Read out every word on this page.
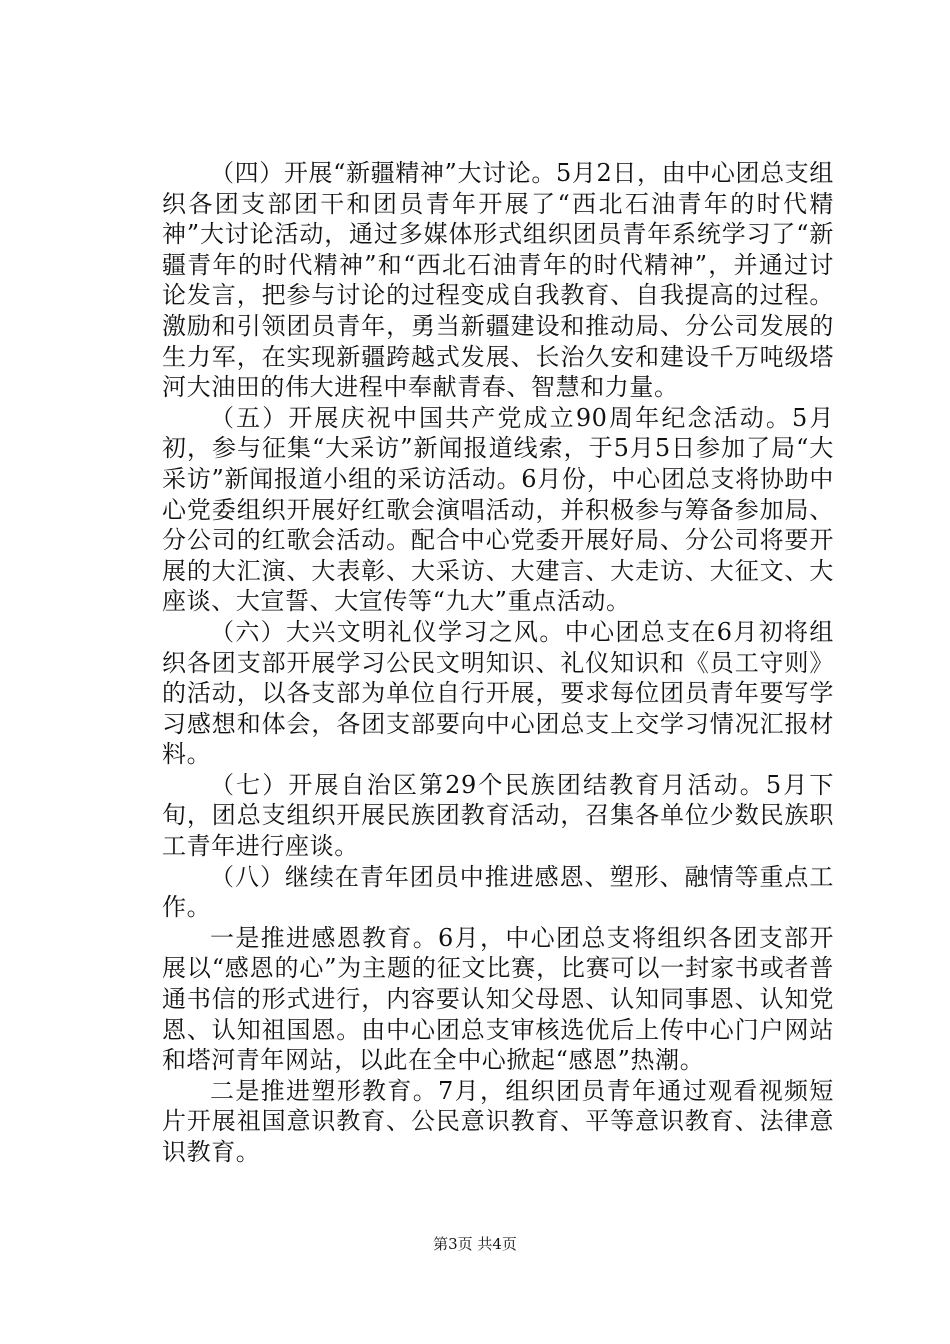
（四）开展“新疆精神”大讨论。5月2日，由中心团总支组织各团支部团干和团员青年开展了“西北石油青年的时代精神”大讨论活动，通过多媒体形式组织团员青年系统学习了“新疆青年的时代精神”和“西北石油青年的时代精神”，并通过讨论发言，把参与讨论的过程变成自我教育、自我提高的过程。激励和引领团员青年，勇当新疆建设和推动局、分公司发展的生力军，在实现新疆跨越式发展、长治久安和建设千万吨级塔河大油田的伟大进程中奉献青春、智慧和力量。

（五）开展庆祝中国共产党成立90周年纪念活动。5月初，参与征集“大采访”新闻报道线索，于5月5日参加了局“大采访”新闻报道小组的采访活动。6月份，中心团总支将协助中心党委组织开展好红歌会演唱活动，并积极参与筹备参加局、分公司的红歌会活动。配合中心党委开展好局、分公司将要开展的大汇演、大表彰、大采访、大建言、大走访、大征文、大座谈、大宣誓、大宣传等“九大”重点活动。

（六）大兴文明礼仪学习之风。中心团总支在6月初将组织各团支部开展学习公民文明知识、礼仪知识和《员工守则》的活动，以各支部为单位自行开展，要求每位团员青年要写学习感想和体会，各团支部要向中心团总支上交学习情况汇报材料。

（七）开展自治区第29个民族团结教育月活动。5月下旬，团总支组织开展民族团教育活动，召集各单位少数民族职工青年进行座谈。

（八）继续在青年团员中推进感恩、塑形、融情等重点工作。

一是推进感恩教育。6月，中心团总支将组织各团支部开展以“感恩的心”为主题的征文比赛，比赛可以一封家书或者普通书信的形式进行，内容要认知父母恩、认知同事恩、认知党恩、认知祖国恩。由中心团总支审核选优后上传中心门户网站和塔河青年网站，以此在全中心掀起“感恩”热潮。

二是推进塑形教育。7月，组织团员青年通过观看视频短片开展祖国意识教育、公民意识教育、平等意识教育、法律意识教育。

第3页 共4页
